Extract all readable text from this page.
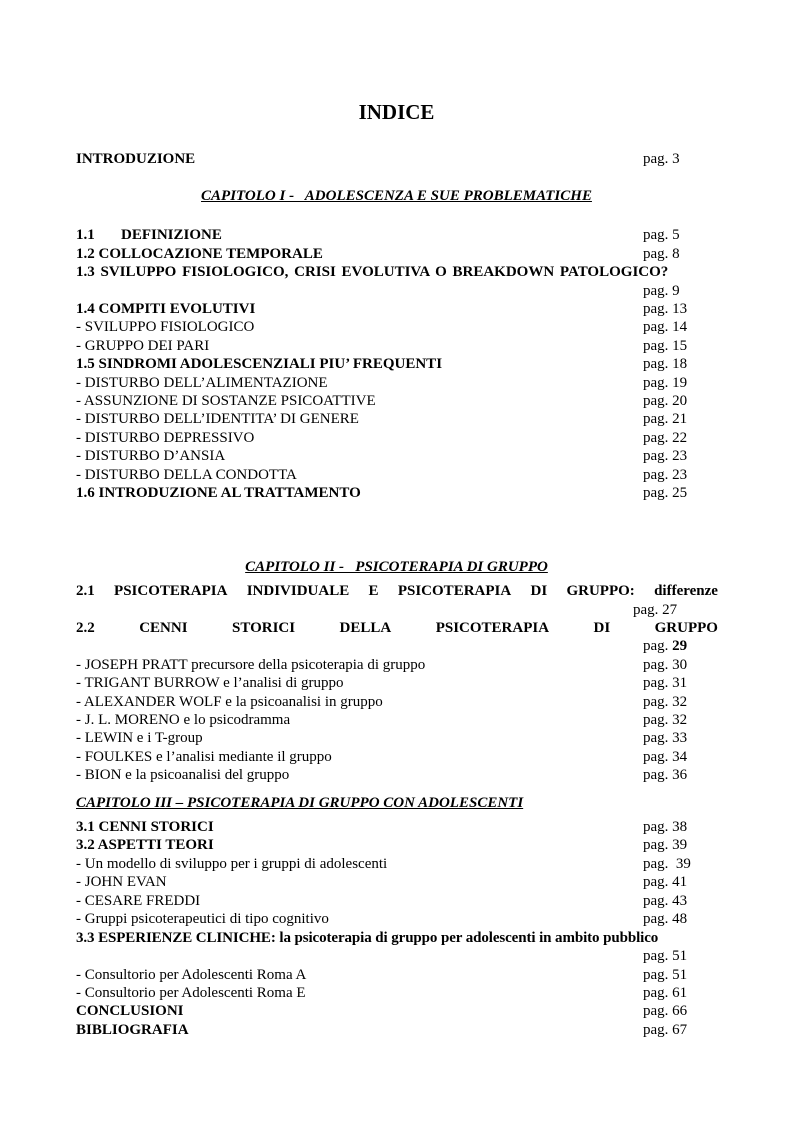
INDICE
INTRODUZIONE	pag. 3
CAPITOLO I -   ADOLESCENZA E SUE PROBLEMATICHE
1.1       DEFINIZIONE	pag. 5
1.2 COLLOCAZIONE TEMPORALE	pag. 8
1.3 SVILUPPO FISIOLOGICO, CRISI EVOLUTIVA O BREAKDOWN PATOLOGICO?
pag. 9
1.4 COMPITI EVOLUTIVI	pag. 13
- SVILUPPO FISIOLOGICO	pag. 14
- GRUPPO DEI PARI	pag. 15
1.5 SINDROMI ADOLESCENZIALI PIU’ FREQUENTI	pag. 18
- DISTURBO DELL’ALIMENTAZIONE	pag. 19
- ASSUNZIONE DI SOSTANZE PSICOATTIVE	pag. 20
- DISTURBO DELL’IDENTITA’ DI GENERE	pag. 21
- DISTURBO DEPRESSIVO	pag. 22
- DISTURBO D’ANSIA	pag. 23
- DISTURBO DELLA CONDOTTA	pag. 23
1.6 INTRODUZIONE AL TRATTAMENTO	pag. 25
CAPITOLO II -   PSICOTERAPIA DI GRUPPO
2.1 PSICOTERAPIA INDIVIDUALE E PSICOTERAPIA DI GRUPPO: differenze
pag. 27
2.2	CENNI	STORICI	DELLA	PSICOTERAPIA	DI	GRUPPO
pag. 29
- JOSEPH PRATT precursore della psicoterapia di gruppo	pag. 30
- TRIGANT BURROW e l’analisi di gruppo	pag. 31
- ALEXANDER WOLF e la psicoanalisi in gruppo	pag. 32
- J. L. MORENO e lo psicodramma	pag. 32
- LEWIN e i T-group	pag. 33
- FOULKES e l’analisi mediante il gruppo	pag. 34
- BION e la psicoanalisi del gruppo	pag. 36
CAPITOLO III – PSICOTERAPIA DI GRUPPO CON ADOLESCENTI
3.1 CENNI STORICI	pag. 38
3.2 ASPETTI TEORI	pag. 39
- Un modello di sviluppo per i gruppi di adolescenti	pag.  39
- JOHN EVAN	pag. 41
- CESARE FREDDI	pag. 43
- Gruppi psicoterapeutici di tipo cognitivo	pag. 48
3.3 ESPERIENZE CLINICHE: la psicoterapia di gruppo per adolescenti in ambito pubblico
pag. 51
- Consultorio per Adolescenti Roma A	pag. 51
- Consultorio per Adolescenti Roma E	pag. 61
CONCLUSIONI	pag. 66
BIBLIOGRAFIA	pag. 67
